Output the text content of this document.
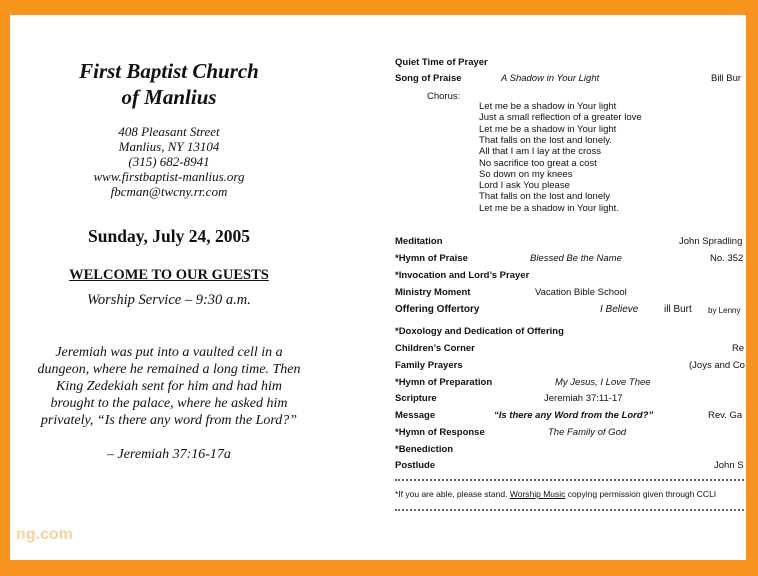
First Baptist Church
of Manlius
408 Pleasant Street
Manlius, NY 13104
(315) 682-8941
www.firstbaptist-manlius.org
fbcman@twcny.rr.com
Sunday, July 24, 2005
WELCOME TO OUR GUESTS
Worship Service – 9:30 a.m.
Jeremiah was put into a vaulted cell in a
dungeon, where he remained a long time. Then
King Zedekiah sent for him and had him
brought to the palace, where he asked him
privately, “Is there any word from the Lord?”
– Jeremiah 37:16-17a
Quiet Time of Prayer
Song of Praise	A Shadow in Your Light	Bill Bur
Chorus:
Let me be a shadow in Your light
Just a small reflection of a greater love
Let me be a shadow in Your light
That falls on the lost and lonely.
All that I am I lay at the cross
No sacrifice too great a cost
So down on my knees
Lord I ask You please
That falls on the lost and lonely
Let me be a shadow in Your light.
Meditation	John Spradling
*Hymn of Praise	Blessed Be the Name	No. 352
*Invocation and Lord’s Prayer
Ministry Moment	Vacation Bible School
Offering Offertory	I Believe	ill Burt by Lenny
*Doxology and Dedication of Offering
Children’s Corner	Re
Family Prayers	(Joys and Co
*Hymn of Preparation	My Jesus, I Love Thee
Scripture	Jeremiah 37:11-17
Message	“Is there any Word from the Lord?”	Rev. Ga
*Hymn of Response	The Family of God
*Benediction
Postlude	John S
*If you are able, please stand. Worship Music copying permission given through CCLI
ng.com
